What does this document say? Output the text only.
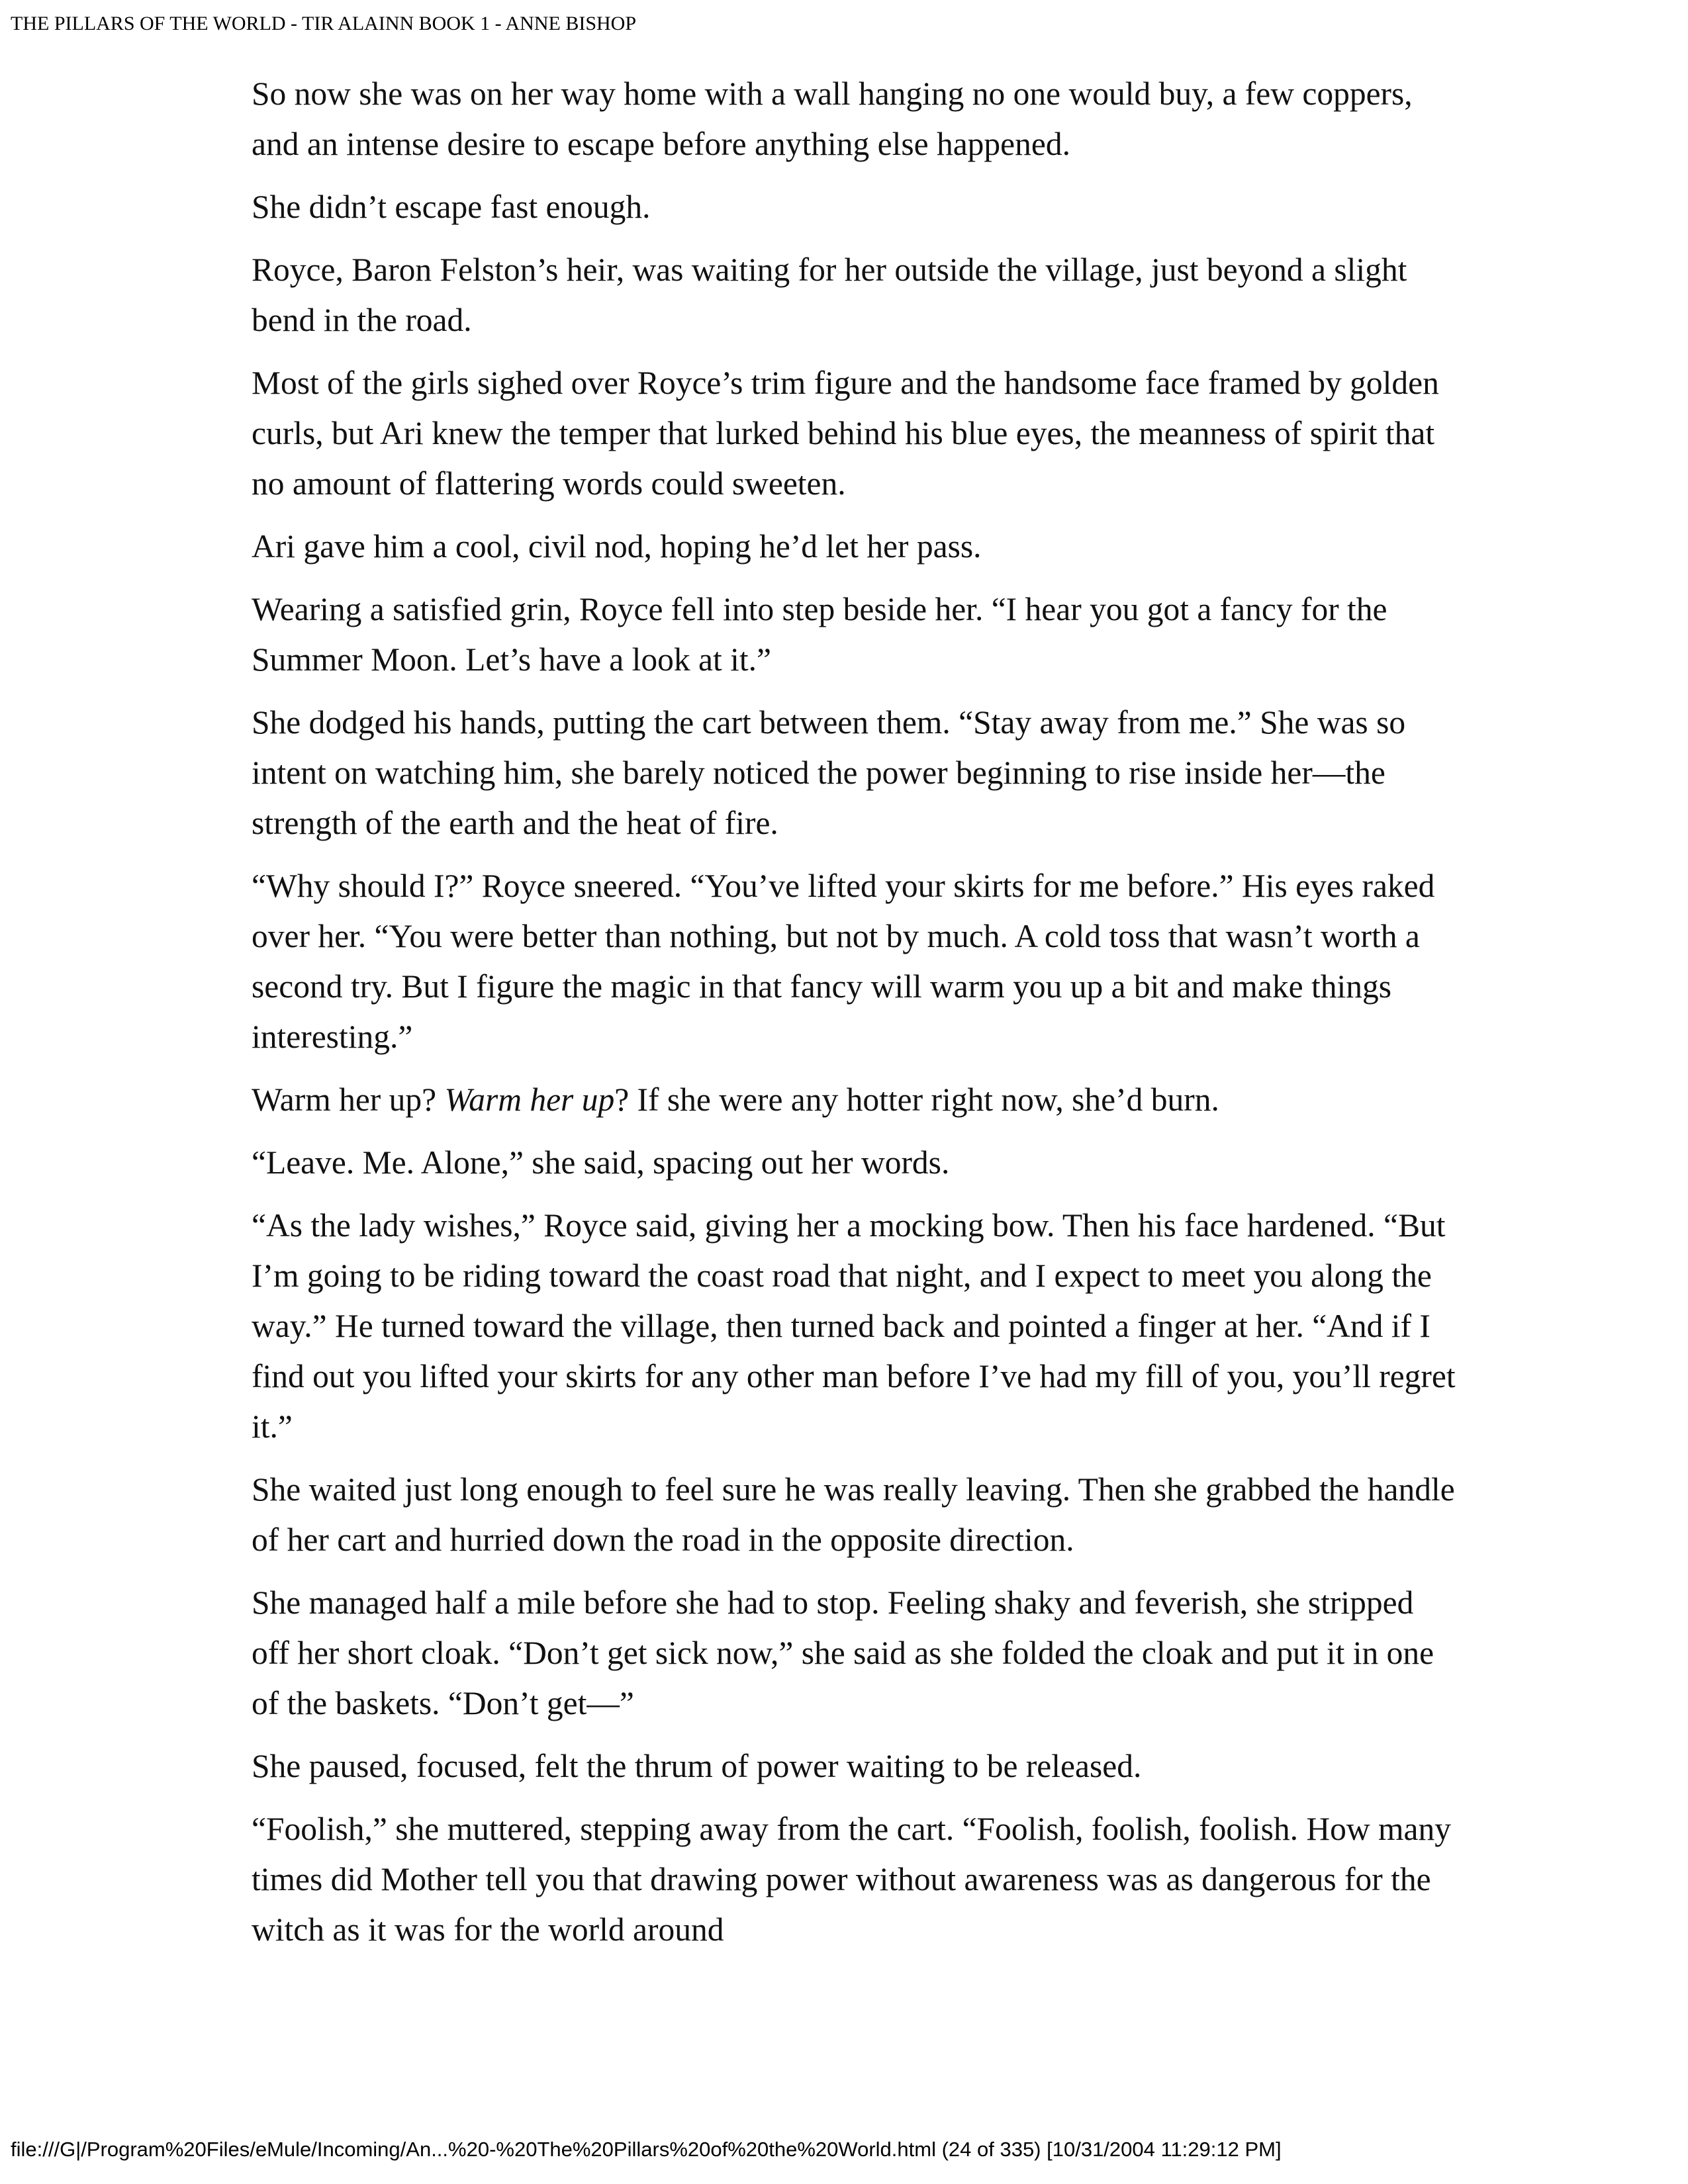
THE PILLARS OF THE WORLD - TIR ALAINN BOOK 1 - ANNE BISHOP

So now she was on her way home with a wall hanging no one would buy, a few coppers, and an intense desire to escape before anything else happened.

She didn’t escape fast enough.

Royce, Baron Felston’s heir, was waiting for her outside the village, just beyond a slight bend in the road.

Most of the girls sighed over Royce’s trim figure and the handsome face framed by golden curls, but Ari knew the temper that lurked behind his blue eyes, the meanness of spirit that no amount of flattering words could sweeten.

Ari gave him a cool, civil nod, hoping he’d let her pass.

Wearing a satisfied grin, Royce fell into step beside her. “I hear you got a fancy for the Summer Moon. Let’s have a look at it.”

She dodged his hands, putting the cart between them. “Stay away from me.” She was so intent on watching him, she barely noticed the power beginning to rise inside her—the strength of the earth and the heat of fire.

“Why should I?” Royce sneered. “You’ve lifted your skirts for me before.” His eyes raked over her. “You were better than nothing, but not by much. A cold toss that wasn’t worth a second try. But I figure the magic in that fancy will warm you up a bit and make things interesting.”

Warm her up? Warm her up? If she were any hotter right now, she’d burn.

“Leave. Me. Alone,” she said, spacing out her words.

“As the lady wishes,” Royce said, giving her a mocking bow. Then his face hardened. “But I’m going to be riding toward the coast road that night, and I expect to meet you along the way.” He turned toward the village, then turned back and pointed a finger at her. “And if I find out you lifted your skirts for any other man before I’ve had my fill of you, you’ll regret it.”

She waited just long enough to feel sure he was really leaving. Then she grabbed the handle of her cart and hurried down the road in the opposite direction.

She managed half a mile before she had to stop. Feeling shaky and feverish, she stripped off her short cloak. “Don’t get sick now,” she said as she folded the cloak and put it in one of the baskets. “Don’t get—”

She paused, focused, felt the thrum of power waiting to be released.

“Foolish,” she muttered, stepping away from the cart. “Foolish, foolish, foolish. How many times did Mother tell you that drawing power without awareness was as dangerous for the witch as it was for the world around

file:///G|/Program%20Files/eMule/Incoming/An...%20-%20The%20Pillars%20of%20the%20World.html (24 of 335) [10/31/2004 11:29:12 PM]
